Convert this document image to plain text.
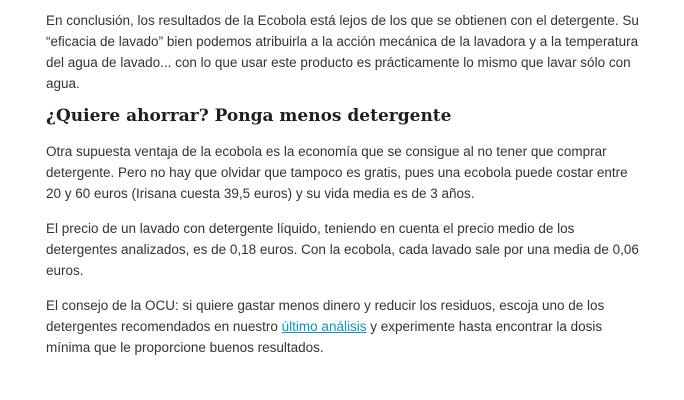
En conclusión, los resultados de la Ecobola está lejos de los que se obtienen con el detergente. Su “eficacia de lavado” bien podemos atribuirla a la acción mecánica de la lavadora y a la temperatura del agua de lavado... con lo que usar este producto es prácticamente lo mismo que lavar sólo con agua.

¿Quiere ahorrar? Ponga menos detergente

Otra supuesta ventaja de la ecobola es la economía que se consigue al no tener que comprar detergente. Pero no hay que olvidar que tampoco es gratis, pues una ecobola puede costar entre 20 y 60 euros (Irisana cuesta 39,5 euros) y su vida media es de 3 años.

El precio de un lavado con detergente líquido, teniendo en cuenta el precio medio de los detergentes analizados, es de 0,18 euros. Con la ecobola, cada lavado sale por una media de 0,06 euros.

El consejo de la OCU: si quiere gastar menos dinero y reducir los residuos, escoja uno de los detergentes recomendados en nuestro último análisis y experimente hasta encontrar la dosis mínima que le proporcione buenos resultados.
